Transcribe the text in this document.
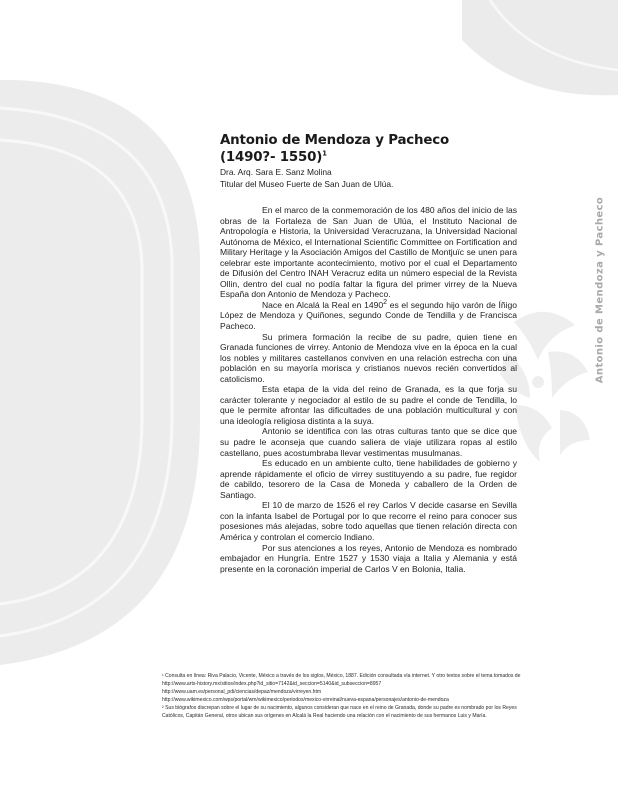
Antonio de Mendoza y Pacheco
Antonio de Mendoza y Pacheco
(1490?- 1550)$^1$
Dra. Arq. Sara E. Sanz Molina
Titular del Museo Fuerte de San Juan de Ulúa.

En el marco de la conmemoración de los 480 años del inicio de las obras de la Fortaleza de San Juan de Ulúa, el Instituto Nacional de Antropología e Historia, la Universidad Veracruzana, la Universidad Nacional Autónoma de México, el International Scientific Committee on Fortification and Military Heritage y la Asociación Amigos del Castillo de Montjuïc se unen para celebrar este importante acontecimiento, motivo por el cual el Departamento de Difusión del Centro INAH Veracruz edita un número especial de la Revista Ollin, dentro del cual no podía faltar la figura del primer virrey de la Nueva España don Antonio de Mendoza y Pacheco.

Nace en Alcalá la Real en 1490$^2$ es el segundo hijo varón de Íñigo López de Mendoza y Quiñones, segundo Conde de Tendilla y de Francisca Pacheco.

Su primera formación la recibe de su padre, quien tiene en Granada funciones de virrey. Antonio de Mendoza vive en la época en la cual los nobles y militares castellanos conviven en una relación estrecha con una población en su mayoría morisca y cristianos nuevos recién convertidos al catolicismo.

Esta etapa de la vida del reino de Granada, es la que forja su carácter tolerante y negociador al estilo de su padre el conde de Tendilla, lo que le permite afrontar las dificultades de una población multicultural y con una ideología religiosa distinta a la suya.

Antonio se identifica con las otras culturas tanto que se dice que su padre le aconseja que cuando saliera de viaje utilizara ropas al estilo castellano, pues acostumbraba llevar vestimentas musulmanas.

Es educado en un ambiente culto, tiene habilidades de gobierno y aprende rápidamente el oficio de virrey sustituyendo a su padre, fue regidor de cabildo, tesorero de la Casa de Moneda y caballero de la Orden de Santiago.

El 10 de marzo de 1526 el rey Carlos V decide casarse en Sevilla con la infanta Isabel de Portugal por lo que recorre el reino para conocer sus posesiones más alejadas, sobre todo aquellas que tienen relación directa con América y controlan el comercio Indiano.

Por sus atenciones a los reyes, Antonio de Mendoza es nombrado embajador en Hungría. Entre 1527 y 1530 viaja a Italia y Alemania y está presente en la coronación imperial de Carlos V en Bolonia, Italia.

¹ Consulta en línea: Riva Palacio, Vicente, México a través de los siglos, México, 1887. Edición consultada vía internet. Y otro textos sobre el tema tomados de

http://www.arts-history.mx/sitios/index.php?id_sitio=7142&id_seccion=5140&id_subseccion=8957

http://www.uam.es/personal_pdi/ciencias/depaz/mendoza/virreyen.htm

http://www.wikimexico.com/wps/portal/wm/wikimexico/periodos/mexico-virreinal/nueva-espana/personajes/antonio-de-mendoza

² Sus biógrafos discrepan sobre el lugar de su nacimiento, algunos consideran que nace en el reino de Granada, donde su padre es nombrado por los Reyes Católicos, Capitán General, otros ubican sus orígenes en Alcalá la Real haciendo una relación con el nacimiento de sus hermanos Luis y María.
